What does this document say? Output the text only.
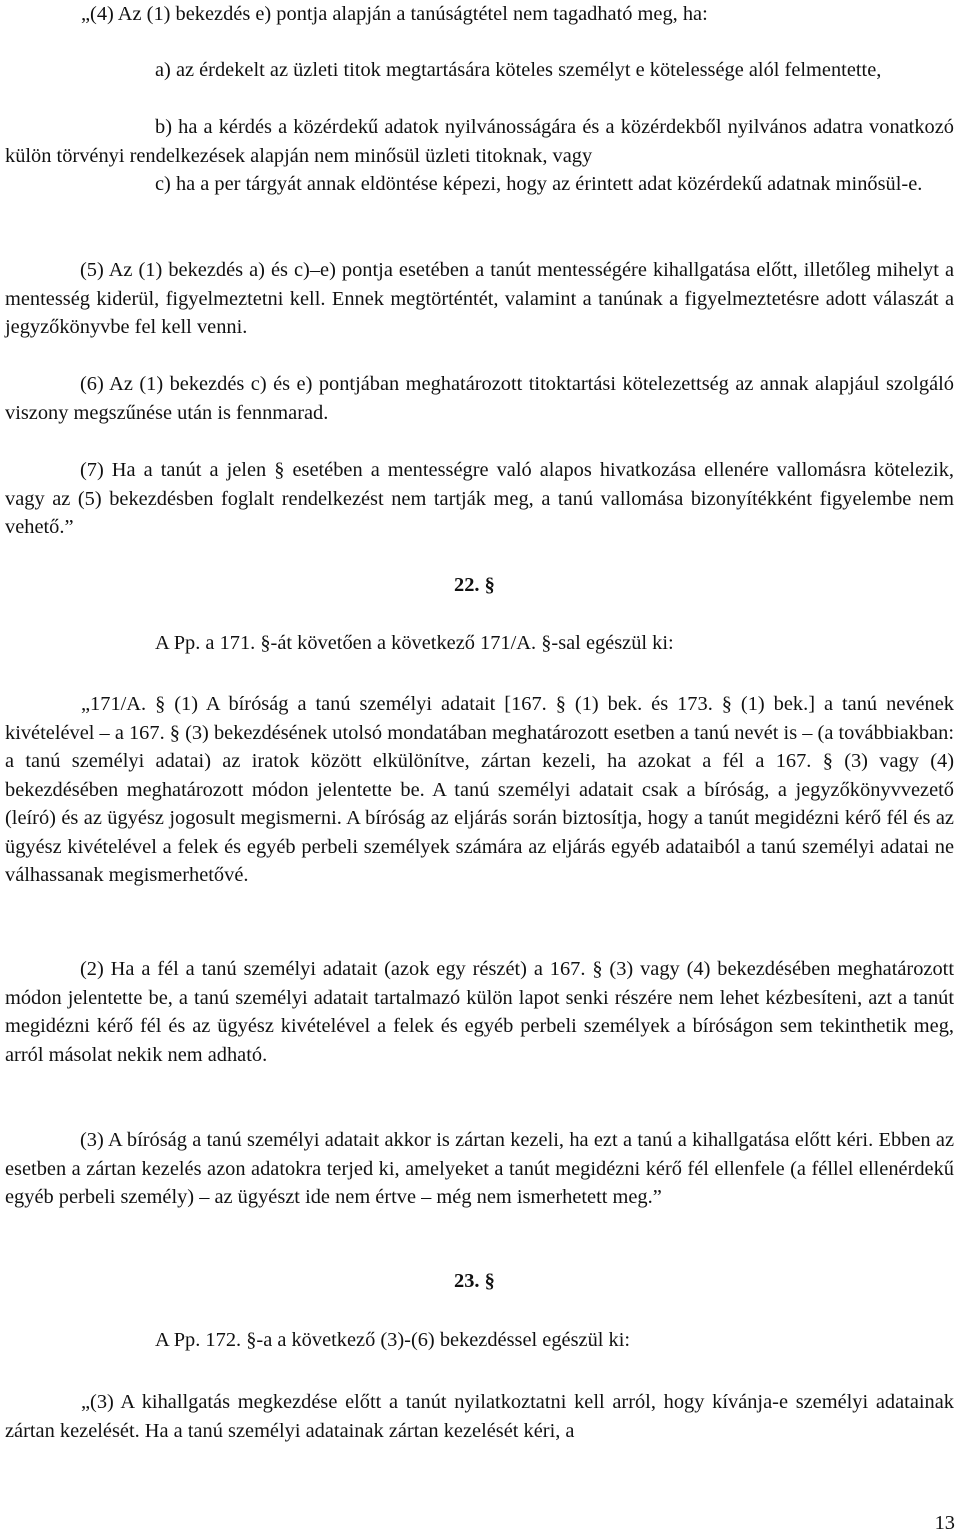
„(4) Az (1) bekezdés e) pontja alapján a tanúságtétel nem tagadható meg, ha:

a) az érdekelt az üzleti titok megtartására köteles személyt e kötelessége alól felmentette,

b) ha a kérdés a közérdekű adatok nyilvánosságára és a közérdekből nyilvános adatra vonatkozó külön törvényi rendelkezések alapján nem minősül üzleti titoknak, vagy

c) ha a per tárgyát annak eldöntése képezi, hogy az érintett adat közérdekű adatnak minősül-e.

(5) Az (1) bekezdés a) és c)–e) pontja esetében a tanút mentességére kihallgatása előtt, illetőleg mihelyt a mentesség kiderül, figyelmeztetni kell. Ennek megtörténtét, valamint a tanúnak a figyelmeztetésre adott válaszát a jegyzőkönyvbe fel kell venni.

(6) Az (1) bekezdés c) és e) pontjában meghatározott titoktartási kötelezettség az annak alapjául szolgáló viszony megszűnése után is fennmarad.

(7) Ha a tanút a jelen § esetében a mentességre való alapos hivatkozása ellenére vallomásra kötelezik, vagy az (5) bekezdésben foglalt rendelkezést nem tartják meg, a tanú vallomása bizonyítékként figyelembe nem vehető.”

22. §

A Pp. a 171. §-át követően a következő 171/A. §-sal egészül ki:

„171/A. § (1) A bíróság a tanú személyi adatait [167. § (1) bek. és 173. § (1) bek.] a tanú nevének kivételével – a 167. § (3) bekezdésének utolsó mondatában meghatározott esetben a tanú nevét is – (a továbbiakban: a tanú személyi adatai) az iratok között elkülönítve, zártan kezeli, ha azokat a fél a 167. § (3) vagy (4) bekezdésében meghatározott módon jelentette be. A tanú személyi adatait csak a bíróság, a jegyzőkönyvvezető (leíró) és az ügyész jogosult megismerni. A bíróság az eljárás során biztosítja, hogy a tanút megidézni kérő fél és az ügyész kivételével a felek és egyéb perbeli személyek számára az eljárás egyéb adataiból a tanú személyi adatai ne válhassanak megismerhetővé.

(2) Ha a fél a tanú személyi adatait (azok egy részét) a 167. § (3) vagy (4) bekezdésében meghatározott módon jelentette be, a tanú személyi adatait tartalmazó külön lapot senki részére nem lehet kézbesíteni, azt a tanút megidézni kérő fél és az ügyész kivételével a felek és egyéb perbeli személyek a bíróságon sem tekinthetik meg, arról másolat nekik nem adható.

(3) A bíróság a tanú személyi adatait akkor is zártan kezeli, ha ezt a tanú a kihallgatása előtt kéri. Ebben az esetben a zártan kezelés azon adatokra terjed ki, amelyeket a tanút megidézni kérő fél ellenfele (a féllel ellenérdekű egyéb perbeli személy) – az ügyészt ide nem értve – még nem ismerhetett meg.”

23. §

A Pp. 172. §-a a következő (3)-(6) bekezdéssel egészül ki:

„(3) A kihallgatás megkezdése előtt a tanút nyilatkoztatni kell arról, hogy kívánja-e személyi adatainak zártan kezelését. Ha a tanú személyi adatainak zártan kezelését kéri, a

13
